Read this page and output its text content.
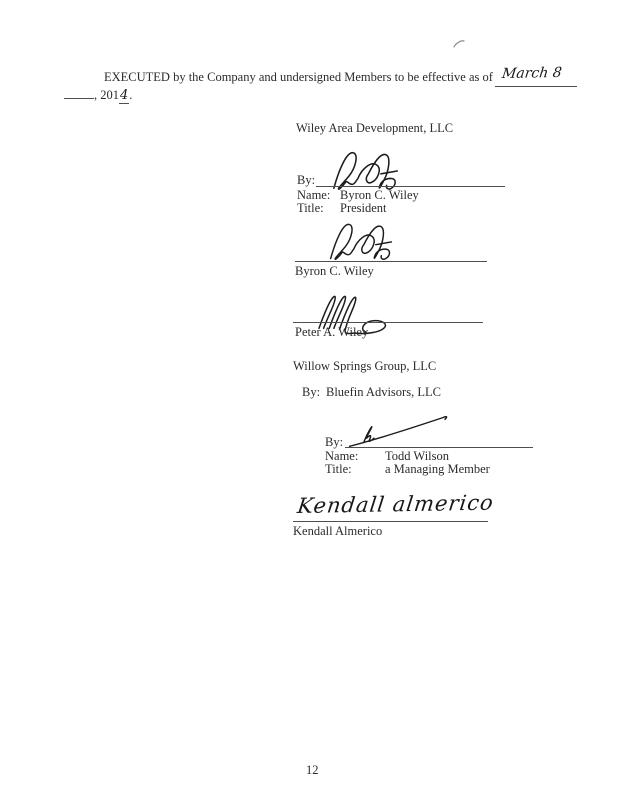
EXECUTED by the Company and undersigned Members to be effective as of March 8
, 2014.
Wiley Area Development, LLC
By:
Name: Byron C. Wiley
Title: President
Byron C. Wiley
Peter A. Wiley
Willow Springs Group, LLC
By: Bluefin Advisors, LLC
By:
Name: Todd Wilson
Title:	a Managing Member
Kendall almerico
Kendall Almerico
12
